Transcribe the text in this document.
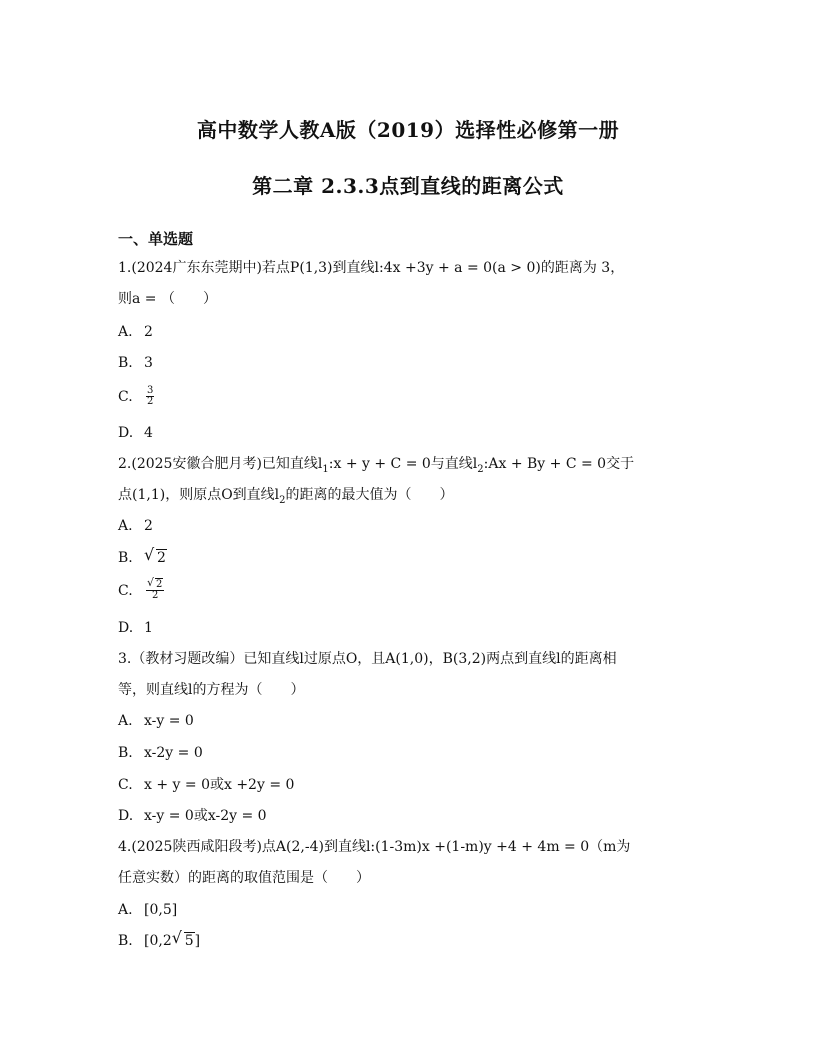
高中数学人教A版（2019）选择性必修第一册
第二章 2.3.3点到直线的距离公式
一、单选题
1.(2024广东东莞期中)若点P(1,3)到直线l:4x +3y + a = 0(a > 0)的距离为 3，
则a = （　　）
A. 2
B. 3
C. $\frac{3}{2}$
D. 4
2.(2025安徽合肥月考)已知直线$l_1:x + y + C = 0$与直线$l_2:Ax + By + C = 0$交于
点(1,1)，则原点O到直线$l_2$的距离的最大值为（　　）
A. 2
B. √ 2
C. $\frac{√ 2}{2}$
D. 1
3.（教材习题改编）已知直线l过原点O，且A(1,0)，B(3,2)两点到直线l的距离相
等，则直线l的方程为（　　）
A. x-y = 0
B. x-2y = 0
C. x + y = 0或x +2y = 0
D. x-y = 0或x-2y = 0
4.(2025陕西咸阳段考)点A(2,-4)到直线l:(1-3m)x +(1-m)y +4 + 4m = 0（m为
任意实数）的距离的取值范围是（　　）
A. [0,5]
B. [0,2 √ 5]
